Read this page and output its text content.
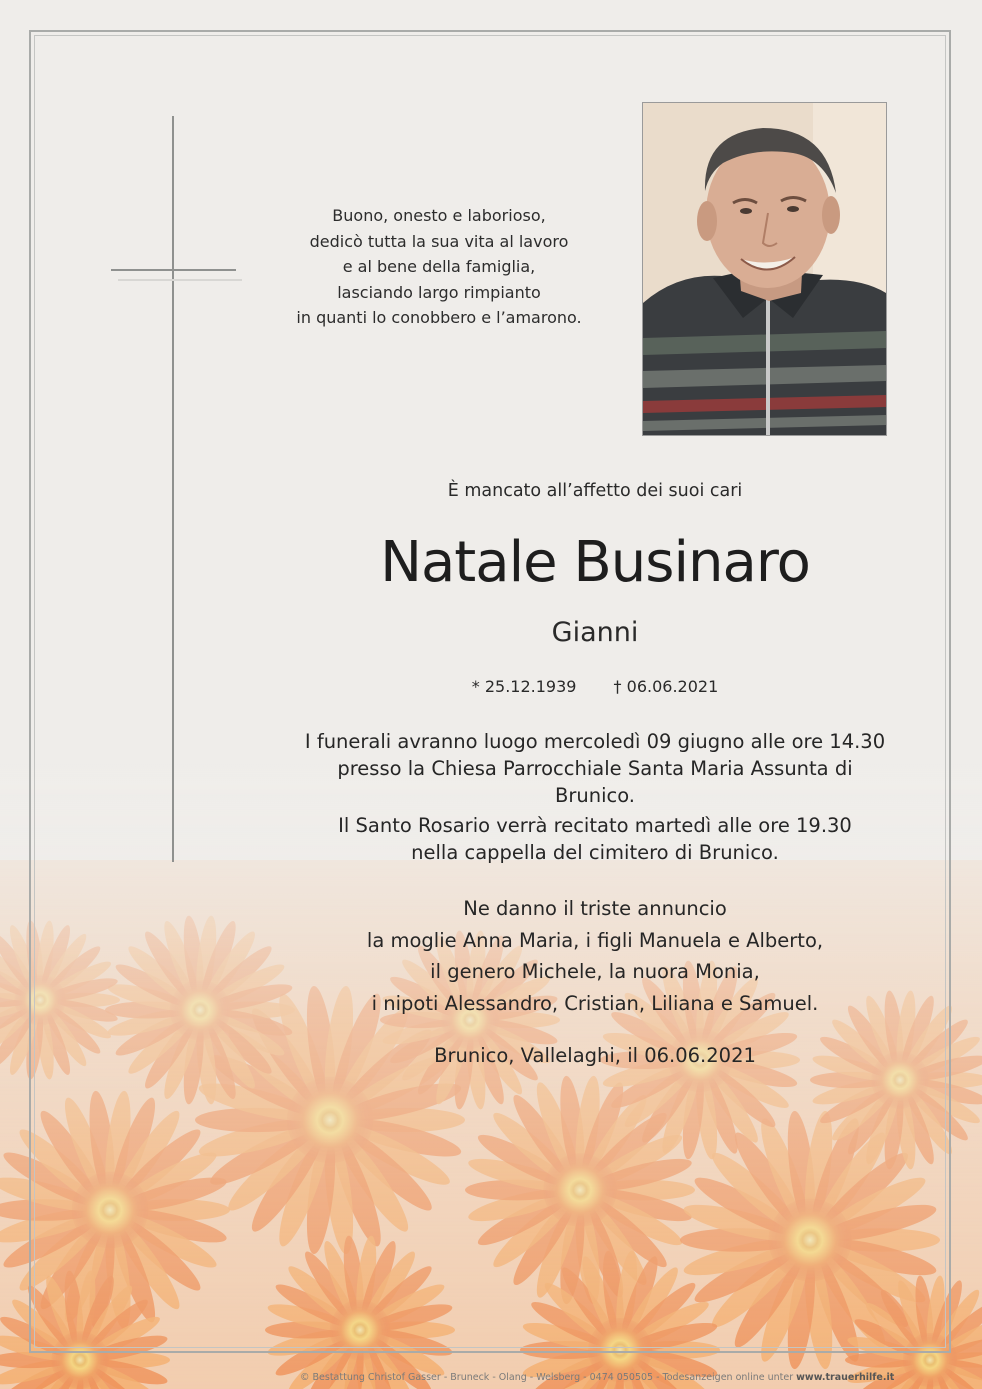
Buono, onesto e laborioso,
dedicò tutta la sua vita al lavoro
e al bene della famiglia,
lasciando largo rimpianto
in quanti lo conobbero e l’amarono.
È mancato all’affetto dei suoi cari
Natale Businaro
Gianni
* 25.12.1939 † 06.06.2021
I funerali avranno luogo mercoledì 09 giugno alle ore 14.30
presso la Chiesa Parrocchiale Santa Maria Assunta di Brunico.
Il Santo Rosario verrà recitato martedì alle ore 19.30
nella cappella del cimitero di Brunico.
Ne danno il triste annuncio
la moglie Anna Maria, i figli Manuela e Alberto,
il genero Michele, la nuora Monia,
i nipoti Alessandro, Cristian, Liliana e Samuel.
Brunico, Vallelaghi, il 06.06.2021
© Bestattung Christof Gasser - Bruneck - Olang - Welsberg - 0474 050505 - Todesanzeigen online unter www.trauerhilfe.it
